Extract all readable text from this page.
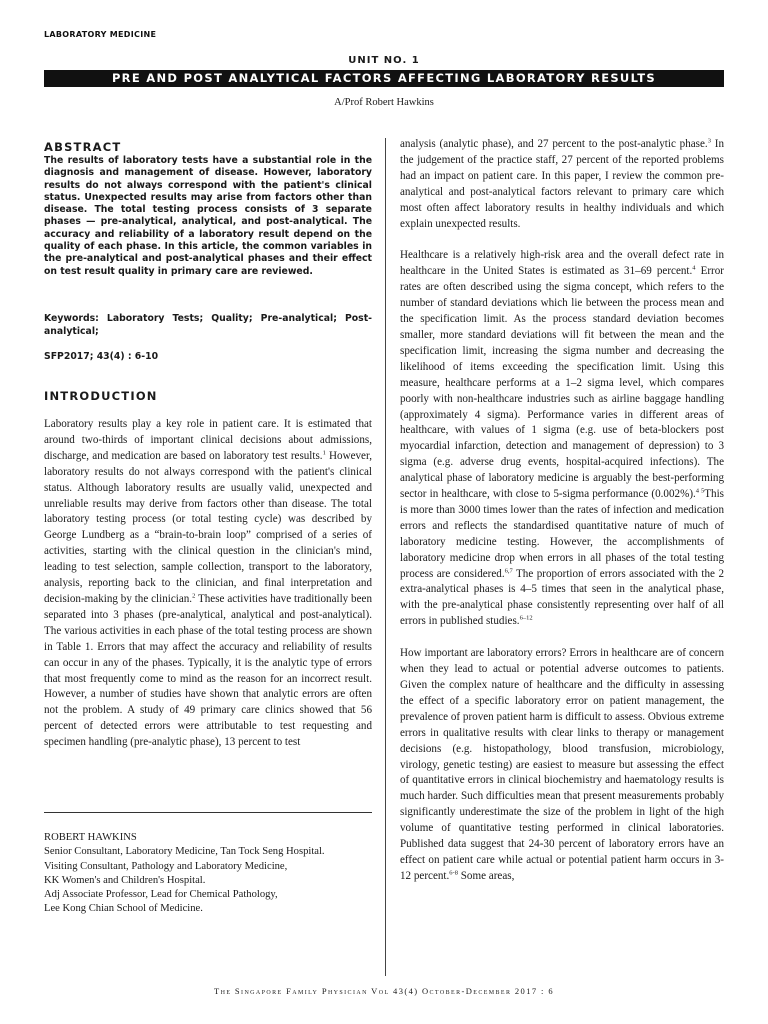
LABORATORY MEDICINE
UNIT NO. 1
PRE AND POST ANALYTICAL FACTORS AFFECTING LABORATORY RESULTS
A/Prof Robert Hawkins
ABSTRACT
The results of laboratory tests have a substantial role in the diagnosis and management of disease. However, laboratory results do not always correspond with the patient's clinical status. Unexpected results may arise from factors other than disease. The total testing process consists of 3 separate phases — pre-analytical, analytical, and post-analytical. The accuracy and reliability of a laboratory result depend on the quality of each phase. In this article, the common variables in the pre-analytical and post-analytical phases and their effect on test result quality in primary care are reviewed.
Keywords: Laboratory Tests; Quality; Pre-analytical; Post-analytical;
SFP2017; 43(4) : 6-10
INTRODUCTION

Laboratory results play a key role in patient care. It is estimated that around two-thirds of important clinical decisions about admissions, discharge, and medication are based on laboratory test results.$^1$ However, laboratory results do not always correspond with the patient's clinical status. Although laboratory results are usually valid, unexpected and unreliable results may derive from factors other than disease. The total laboratory testing process (or total testing cycle) was described by George Lundberg as a “brain-to-brain loop” comprised of a series of activities, starting with the clinical question in the clinician's mind, leading to test selection, sample collection, transport to the laboratory, analysis, reporting back to the clinician, and final interpretation and decision-making by the clinician.$^2$ These activities have traditionally been separated into 3 phases (pre-analytical, analytical and post-analytical). The various activities in each phase of the total testing process are shown in Table 1. Errors that may affect the accuracy and reliability of results can occur in any of the phases. Typically, it is the analytic type of errors that most frequently come to mind as the reason for an incorrect result. However, a number of studies have shown that analytic errors are often not the problem. A study of 49 primary care clinics showed that 56 percent of detected errors were attributable to test requesting and specimen handling (pre-analytic phase), 13 percent to test

ROBERT HAWKINS
Senior Consultant, Laboratory Medicine, Tan Tock Seng Hospital.
Visiting Consultant, Pathology and Laboratory Medicine,
KK Women's and Children's Hospital.
Adj Associate Professor, Lead for Chemical Pathology,
Lee Kong Chian School of Medicine.

analysis (analytic phase), and 27 percent to the post-analytic phase.$^3$ In the judgement of the practice staff, 27 percent of the reported problems had an impact on patient care. In this paper, I review the common pre-analytical and post-analytical factors relevant to primary care which most often affect laboratory results in healthy individuals and which explain unexpected results.

Healthcare is a relatively high-risk area and the overall defect rate in healthcare in the United States is estimated as 31–69 percent.$^4$ Error rates are often described using the sigma concept, which refers to the number of standard deviations which lie between the process mean and the specification limit. As the process standard deviation becomes smaller, more standard deviations will fit between the mean and the specification limit, increasing the sigma number and decreasing the likelihood of items exceeding the specification limit. Using this measure, healthcare performs at a 1–2 sigma level, which compares poorly with non-healthcare industries such as airline baggage handling (approximately 4 sigma). Performance varies in different areas of healthcare, with values of 1 sigma (e.g. use of beta-blockers post myocardial infarction, detection and management of depression) to 3 sigma (e.g. adverse drug events, hospital-acquired infections). The analytical phase of laboratory medicine is arguably the best-performing sector in healthcare, with close to 5-sigma performance (0.002%).$^{4 5}$This is more than 3000 times lower than the rates of infection and medication errors and reflects the standardised quantitative nature of much of laboratory medicine testing. However, the accomplishments of laboratory medicine drop when errors in all phases of the total testing process are considered.$^{6,7}$ The proportion of errors associated with the 2 extra-analytical phases is 4–5 times that seen in the analytical phase, with the pre-analytical phase consistently representing over half of all errors in published studies.$^{6-12}$

How important are laboratory errors? Errors in healthcare are of concern when they lead to actual or potential adverse outcomes to patients. Given the complex nature of healthcare and the difficulty in assessing the effect of a specific laboratory error on patient management, the prevalence of proven patient harm is difficult to assess. Obvious extreme errors in qualitative results with clear links to therapy or management decisions (e.g. histopathology, blood transfusion, microbiology, virology, genetic testing) are easiest to measure but assessing the effect of quantitative errors in clinical biochemistry and haematology results is much harder. Such difficulties mean that present measurements probably significantly underestimate the size of the problem in light of the high volume of quantitative testing performed in clinical laboratories. Published data suggest that 24-30 percent of laboratory errors have an effect on patient care while actual or potential patient harm occurs in 3-12 percent.$^{6-8}$ Some areas,

The Singapore Family Physician Vol 43(4) October-December 2017 : 6
